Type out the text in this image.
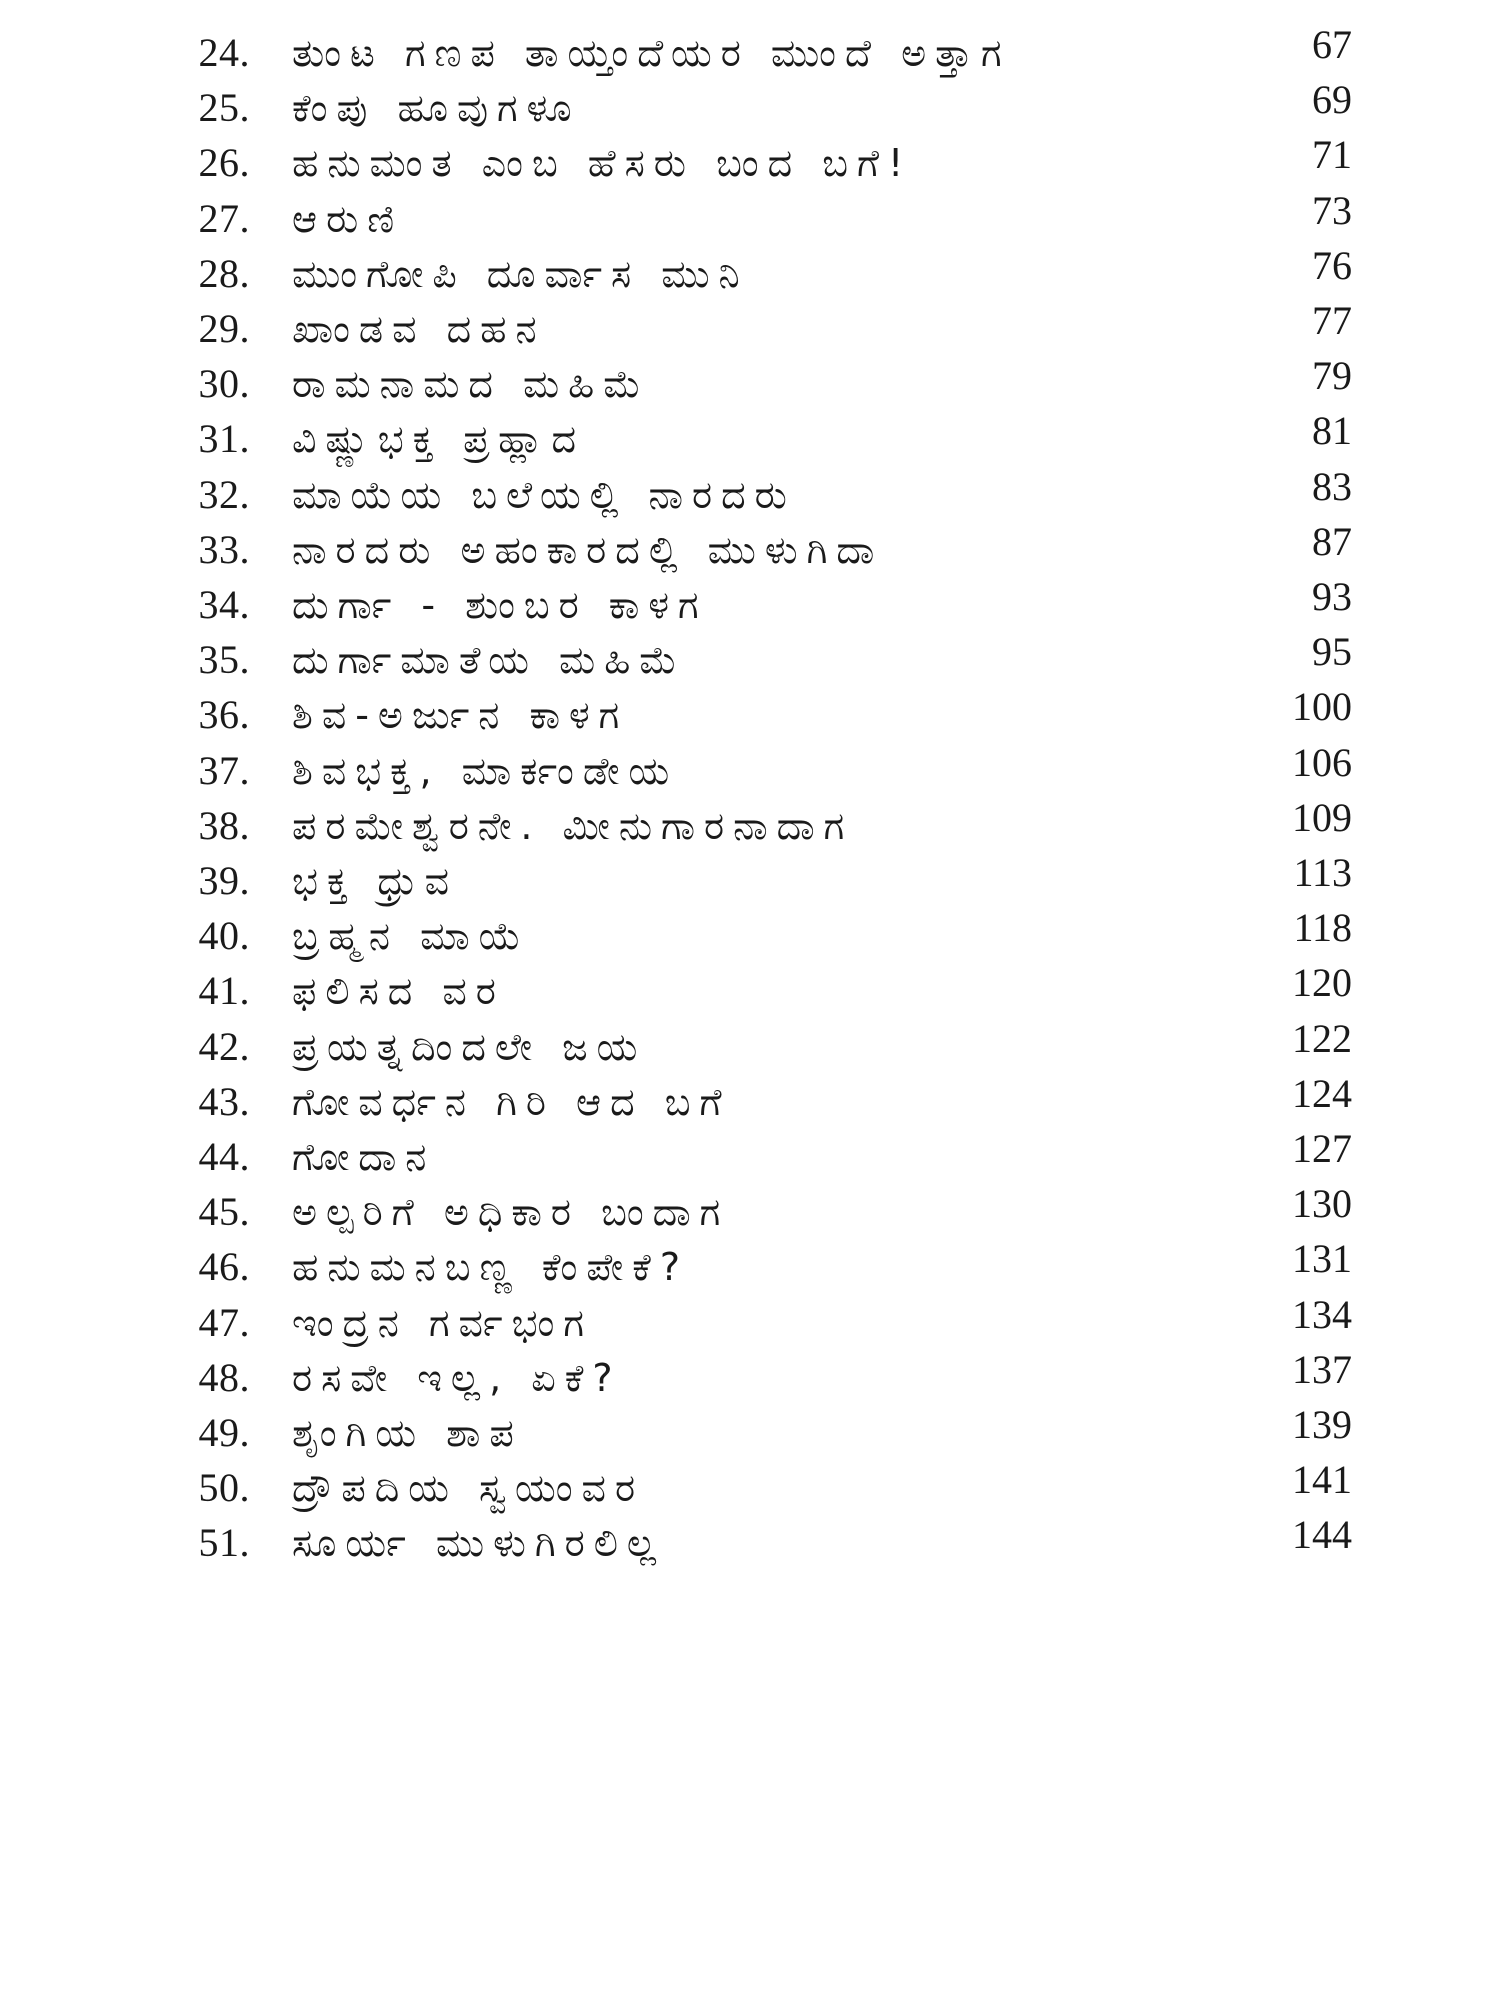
24. ತುಂಟ ಗಣಪ ತಾಯ್ತಂದೆಯರ ಮುಂದೆ ಅತ್ತಾಗ	67
25. ಕೆಂಪು ಹೂವುಗಳೂ	69
26. ಹನುಮಂತ ಎಂಬ ಹೆಸರು ಬಂದ ಬಗೆ!	71
27. ಆರುಣಿ	73
28. ಮುಂಗೋಪಿ ದೂರ್ವಾಸ ಮುನಿ	76
29. ಖಾಂಡವ ದಹನ	77
30. ರಾಮನಾಮದ ಮಹಿಮೆ	79
31. ವಿಷ್ಣುಭಕ್ತ ಪ್ರಹ್ಲಾದ	81
32. ಮಾಯೆಯ ಬಲೆಯಲ್ಲಿ ನಾರದರು	83
33. ನಾರದರು ಅಹಂಕಾರದಲ್ಲಿ ಮುಳುಗಿದಾ	87
34. ದುರ್ಗಾ - ಶುಂಬರ ಕಾಳಗ	93
35. ದುರ್ಗಾಮಾತೆಯ ಮಹಿಮೆ	95
36. ಶಿವ-ಅರ್ಜುನ ಕಾಳಗ	100
37. ಶಿವಭಕ್ತ, ಮಾರ್ಕಂಡೇಯ	106
38. ಪರಮೇಶ್ವರನೇ. ಮೀನುಗಾರನಾದಾಗ	109
39. ಭಕ್ತ ಧ್ರುವ	113
40. ಬ್ರಹ್ಮನ ಮಾಯೆ	118
41. ಫಲಿಸದ ವರ	120
42. ಪ್ರಯತ್ನದಿಂದಲೇ ಜಯ	122
43. ಗೋವರ್ಧನ ಗಿರಿ ಆದ ಬಗೆ	124
44. ಗೋದಾನ	127
45. ಅಲ್ಪರಿಗೆ ಅಧಿಕಾರ ಬಂದಾಗ	130
46. ಹನುಮನಬಣ್ಣ ಕೆಂಪೇಕೆ?	131
47. ಇಂದ್ರನ ಗರ್ವಭಂಗ	134
48. ರಸವೇ ಇಲ್ಲ, ಏಕೆ?	137
49. ಶೃಂಗಿಯ ಶಾಪ	139
50. ದ್ರೌಪದಿಯ ಸ್ವಯಂವರ	141
51. ಸೂರ್ಯ ಮುಳುಗಿರಲಿಲ್ಲ	144
